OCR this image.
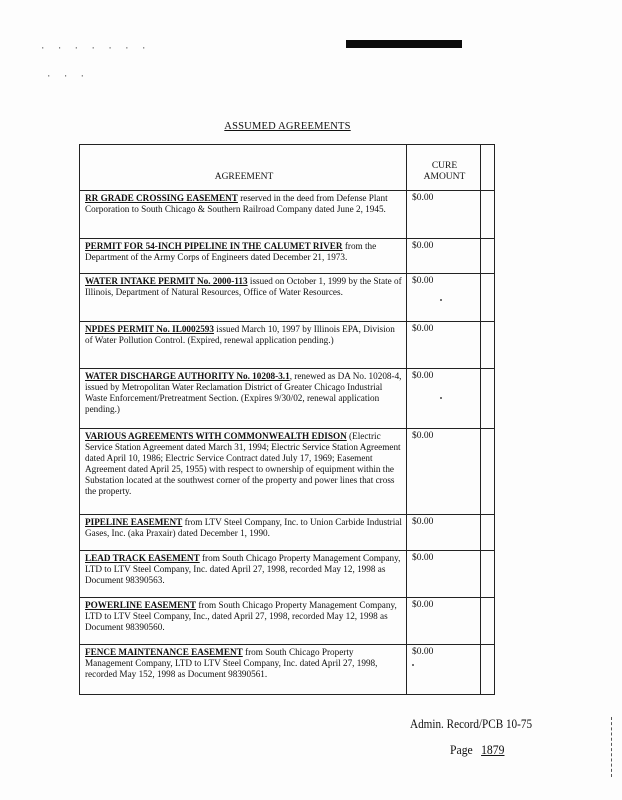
· · · · · · ·
· · ·
ASSUMED AGREEMENTS
AGREEMENT	CURE AMOUNT	
RR GRADE CROSSING EASEMENT reserved in the deed from Defense Plant Corporation to South Chicago & Southern Railroad Company dated June 2, 1945.	$0.00	
PERMIT FOR 54-INCH PIPELINE IN THE CALUMET RIVER from the Department of the Army Corps of Engineers dated December 21, 1973.	$0.00	
WATER INTAKE PERMIT No. 2000-113 issued on October 1, 1999 by the State of Illinois, Department of Natural Resources, Office of Water Resources.	$0.00	
NPDES PERMIT No. IL0002593 issued March 10, 1997 by Illinois EPA, Division of Water Pollution Control. (Expired, renewal application pending.)	$0.00	
WATER DISCHARGE AUTHORITY No. 10208-3.1, renewed as DA No. 10208-4, issued by Metropolitan Water Reclamation District of Greater Chicago Industrial Waste Enforcement/Pretreatment Section. (Expires 9/30/02, renewal application pending.)	$0.00	
VARIOUS AGREEMENTS WITH COMMONWEALTH EDISON (Electric Service Station Agreement dated March 31, 1994; Electric Service Station Agreement dated April 10, 1986; Electric Service Contract dated July 17, 1969; Easement Agreement dated April 25, 1955) with respect to ownership of equipment within the Substation located at the southwest corner of the property and power lines that cross the property.	$0.00	
PIPELINE EASEMENT from LTV Steel Company, Inc. to Union Carbide Industrial Gases, Inc. (aka Praxair) dated December 1, 1990.	$0.00	
LEAD TRACK EASEMENT from South Chicago Property Management Company, LTD to LTV Steel Company, Inc. dated April 27, 1998, recorded May 12, 1998 as Document 98390563.	$0.00	
POWERLINE EASEMENT from South Chicago Property Management Company, LTD to LTV Steel Company, Inc., dated April 27, 1998, recorded May 12, 1998 as Document 98390560.	$0.00	
FENCE MAINTENANCE EASEMENT from South Chicago Property Management Company, LTD to LTV Steel Company, Inc. dated April 27, 1998, recorded May 152, 1998 as Document 98390561.	$0.00	
Admin. Record/PCB 10-75
Page 1879
